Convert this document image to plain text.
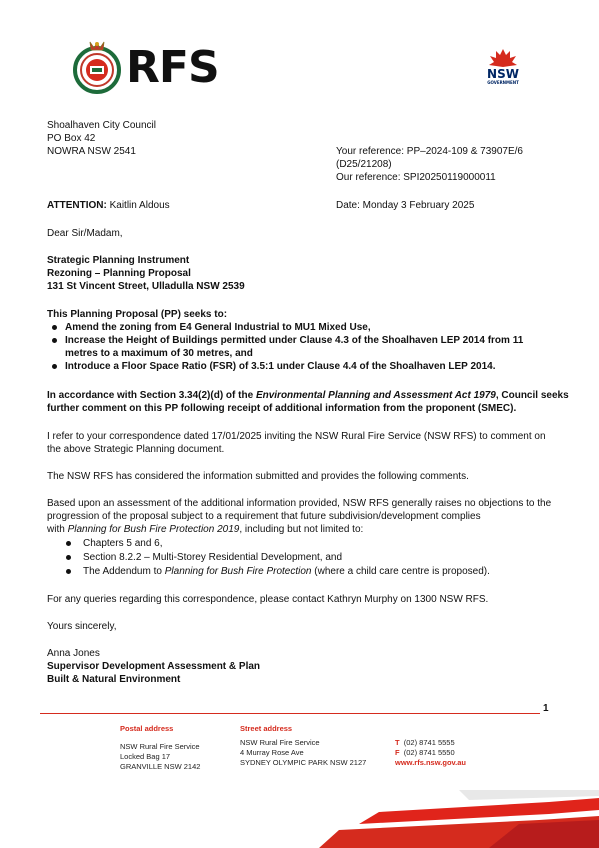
RFS	NSW
GOVERNMENT
Shoalhaven City Council
PO Box 42
NOWRA NSW 2541	Your reference: PP–2024-109 & 73907E/6
(D25/21208)
Our reference: SPI20250119000011
ATTENTION: Kaitlin Aldous	Date: Monday 3 February 2025
Dear Sir/Madam,
Strategic Planning Instrument
Rezoning – Planning Proposal
131 St Vincent Street, Ulladulla NSW 2539
This Planning Proposal (PP) seeks to:
Amend the zoning from E4 General Industrial to MU1 Mixed Use,
Increase the Height of Buildings permitted under Clause 4.3 of the Shoalhaven LEP 2014 from 11
metres to a maximum of 30 metres, and
Introduce a Floor Space Ratio (FSR) of 3.5:1 under Clause 4.4 of the Shoalhaven LEP 2014.
In accordance with Section 3.34(2)(d) of the Environmental Planning and Assessment Act 1979, Council seeks
further comment on this PP following receipt of additional information from the proponent (SMEC).
I refer to your correspondence dated 17/01/2025 inviting the NSW Rural Fire Service (NSW RFS) to comment on
the above Strategic Planning document.
The NSW RFS has considered the information submitted and provides the following comments.
Based upon an assessment of the additional information provided, NSW RFS generally raises no objections to the
progression of the proposal subject to a requirement that future subdivision/development complies
with Planning for Bush Fire Protection 2019, including but not limited to:
Chapters 5 and 6,
Section 8.2.2 – Multi-Storey Residential Development, and
The Addendum to Planning for Bush Fire Protection (where a child care centre is proposed).
For any queries regarding this correspondence, please contact Kathryn Murphy on 1300 NSW RFS.
Yours sincerely,
Anna Jones
Supervisor Development Assessment & Plan
Built & Natural Environment
1
Postal address
NSW Rural Fire Service
Locked Bag 17
GRANVILLE NSW 2142
Street address
NSW Rural Fire Service
4 Murray Rose Ave
SYDNEY OLYMPIC PARK NSW 2127
T (02) 8741 5555
F (02) 8741 5550
www.rfs.nsw.gov.au
